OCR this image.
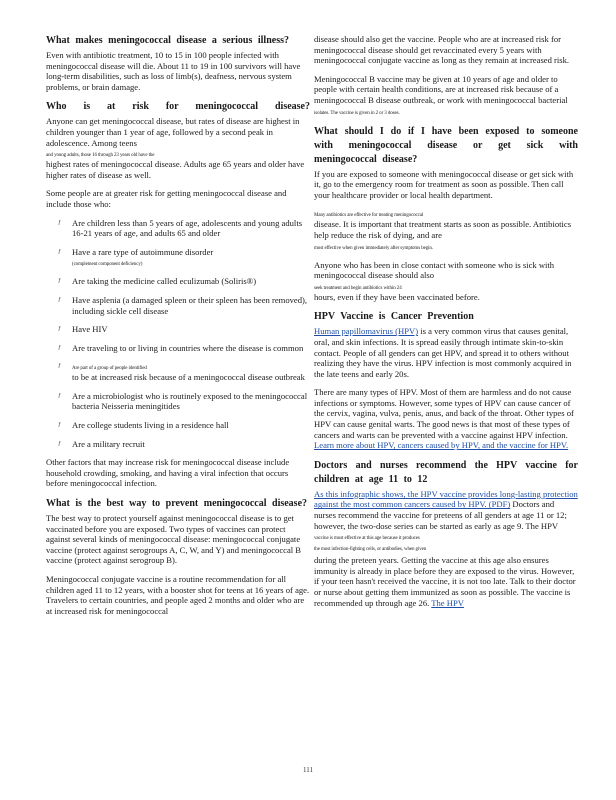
What makes meningococcal disease a serious illness?

Even with antibiotic treatment, 10 to 15 in 100 people infected with meningococcal disease will die. About 11 to 19 in 100 survivors will have long-term disabilities, such as loss of limb(s), deafness, nervous system problems, or brain damage.

Who is at risk for meningococcal disease?

Anyone can get meningococcal disease, but rates of disease are highest in children younger than 1 year of age, followed by a second peak in adolescence. Among teens
and young adults, those 16 through 23 years old have the
highest rates of meningococcal disease. Adults age 65 years and older have higher rates of disease as well.

Some people are at greater risk for getting meningococcal disease and include those who:

ƒ Are children less than 5 years of age, adolescents and young adults 16-21 years of age, and adults 65 and older
ƒ Have a rare type of autoimmune disorder
(complement component deficiency)
ƒ Are taking the medicine called eculizumab (Soliris®)
ƒ Have asplenia (a damaged spleen or their spleen has been removed), including sickle cell disease
ƒ Have HIV
ƒ Are traveling to or living in countries where the disease is common
ƒ Are part of a group of people identified
to be at increased risk because of a meningococcal disease outbreak
ƒ Are a microbiologist who is routinely exposed to the meningococcal bacteria Neisseria meningitides
ƒ Are college students living in a residence hall
ƒ Are a military recruit

Other factors that may increase risk for meningococcal disease include household crowding, smoking, and having a viral infection that occurs before meningococcal infection.

What is the best way to prevent meningococcal disease?

The best way to protect yourself against meningococcal disease is to get vaccinated before you are exposed. Two types of vaccines can protect against several kinds of meningococcal disease: meningococcal conjugate vaccine (protect against serogroups A, C, W, and Y) and meningococcal B vaccine (protect against serogroup B).

Meningococcal conjugate vaccine is a routine recommendation for all children aged 11 to 12 years, with a booster shot for teens at 16 years of age. Travelers to certain countries, and people aged 2 months and older who are at increased risk for meningococcal

disease should also get the vaccine. People who are at increased risk for meningococcal disease should get revaccinated every 5 years with meningococcal conjugate vaccine as long as they remain at increased risk.

Meningococcal B vaccine may be given at 10 years of age and older to people with certain health conditions, are at increased risk because of a meningococcal B disease outbreak, or work with meningococcal bacterial
isolates. The vaccine is given in 2 or 3 doses.

What should I do if I have been exposed to someone with meningococcal disease or get sick with meningococcal disease?

If you are exposed to someone with meningococcal disease or get sick with it, go to the emergency room for treatment as soon as possible. Then call your healthcare provider or local health department.

Many antibiotics are effective for treating meningococcal
disease. It is important that treatment starts as soon as possible. Antibiotics help reduce the risk of dying, and are
most effective when given immediately after symptoms begin.

Anyone who has been in close contact with someone who is sick with meningococcal disease should also
seek treatment and begin antibiotics within 24
hours, even if they have been vaccinated before.

HPV Vaccine is Cancer Prevention

Human papillomavirus (HPV) is a very common virus that causes genital, oral, and skin infections. It is spread easily through intimate skin-to-skin contact. People of all genders can get HPV, and spread it to others without realizing they have the virus. HPV infection is most commonly acquired in the late teens and early 20s.

There are many types of HPV. Most of them are harmless and do not cause infections or symptoms. However, some types of HPV can cause cancer of the cervix, vagina, vulva, penis, anus, and back of the throat. Other types of HPV can cause genital warts. The good news is that most of these types of cancers and warts can be prevented with a vaccine against HPV infection. Learn more about HPV, cancers caused by HPV, and the vaccine for HPV.

Doctors and nurses recommend the HPV vaccine for children at age 11 to 12

As this infographic shows, the HPV vaccine provides long-lasting protection against the most common cancers caused by HPV. (PDF) Doctors and nurses recommend the vaccine for preteens of all genders at age 11 or 12; however, the two-dose series can be started as early as age 9. The HPV
vaccine is most effective at this age because it produces
the most infection-fighting cells, or antibodies, when given

during the preteen years. Getting the vaccine at this age also ensures immunity is already in place before they are exposed to the virus. However, if your teen hasn't received the vaccine, it is not too late. Talk to their doctor or nurse about getting them immunized as soon as possible. The vaccine is recommended up through age 26. The HPV

111
